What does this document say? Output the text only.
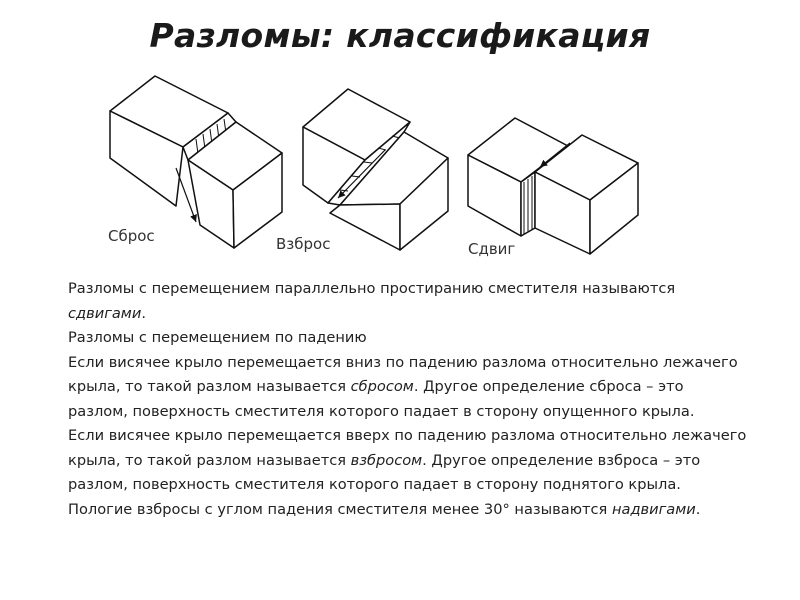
Разломы: классификация
Сброс	Взброс	Сдвиг

Разломы с перемещением параллельно простиранию сместителя называются сдвигами.

Разломы с перемещением по падению

Если висячее крыло перемещается вниз по падению разлома относительно лежачего крыла, то такой разлом называется сбросом. Другое определение сброса – это разлом, поверхность сместителя которого падает в сторону опущенного крыла.

Если висячее крыло перемещается вверх по падению разлома относительно лежачего крыла, то такой разлом называется взбросом. Другое определение взброса – это разлом, поверхность сместителя которого падает в сторону поднятого крыла. Пологие взбросы с углом падения сместителя менее 30° называются надвигами.
